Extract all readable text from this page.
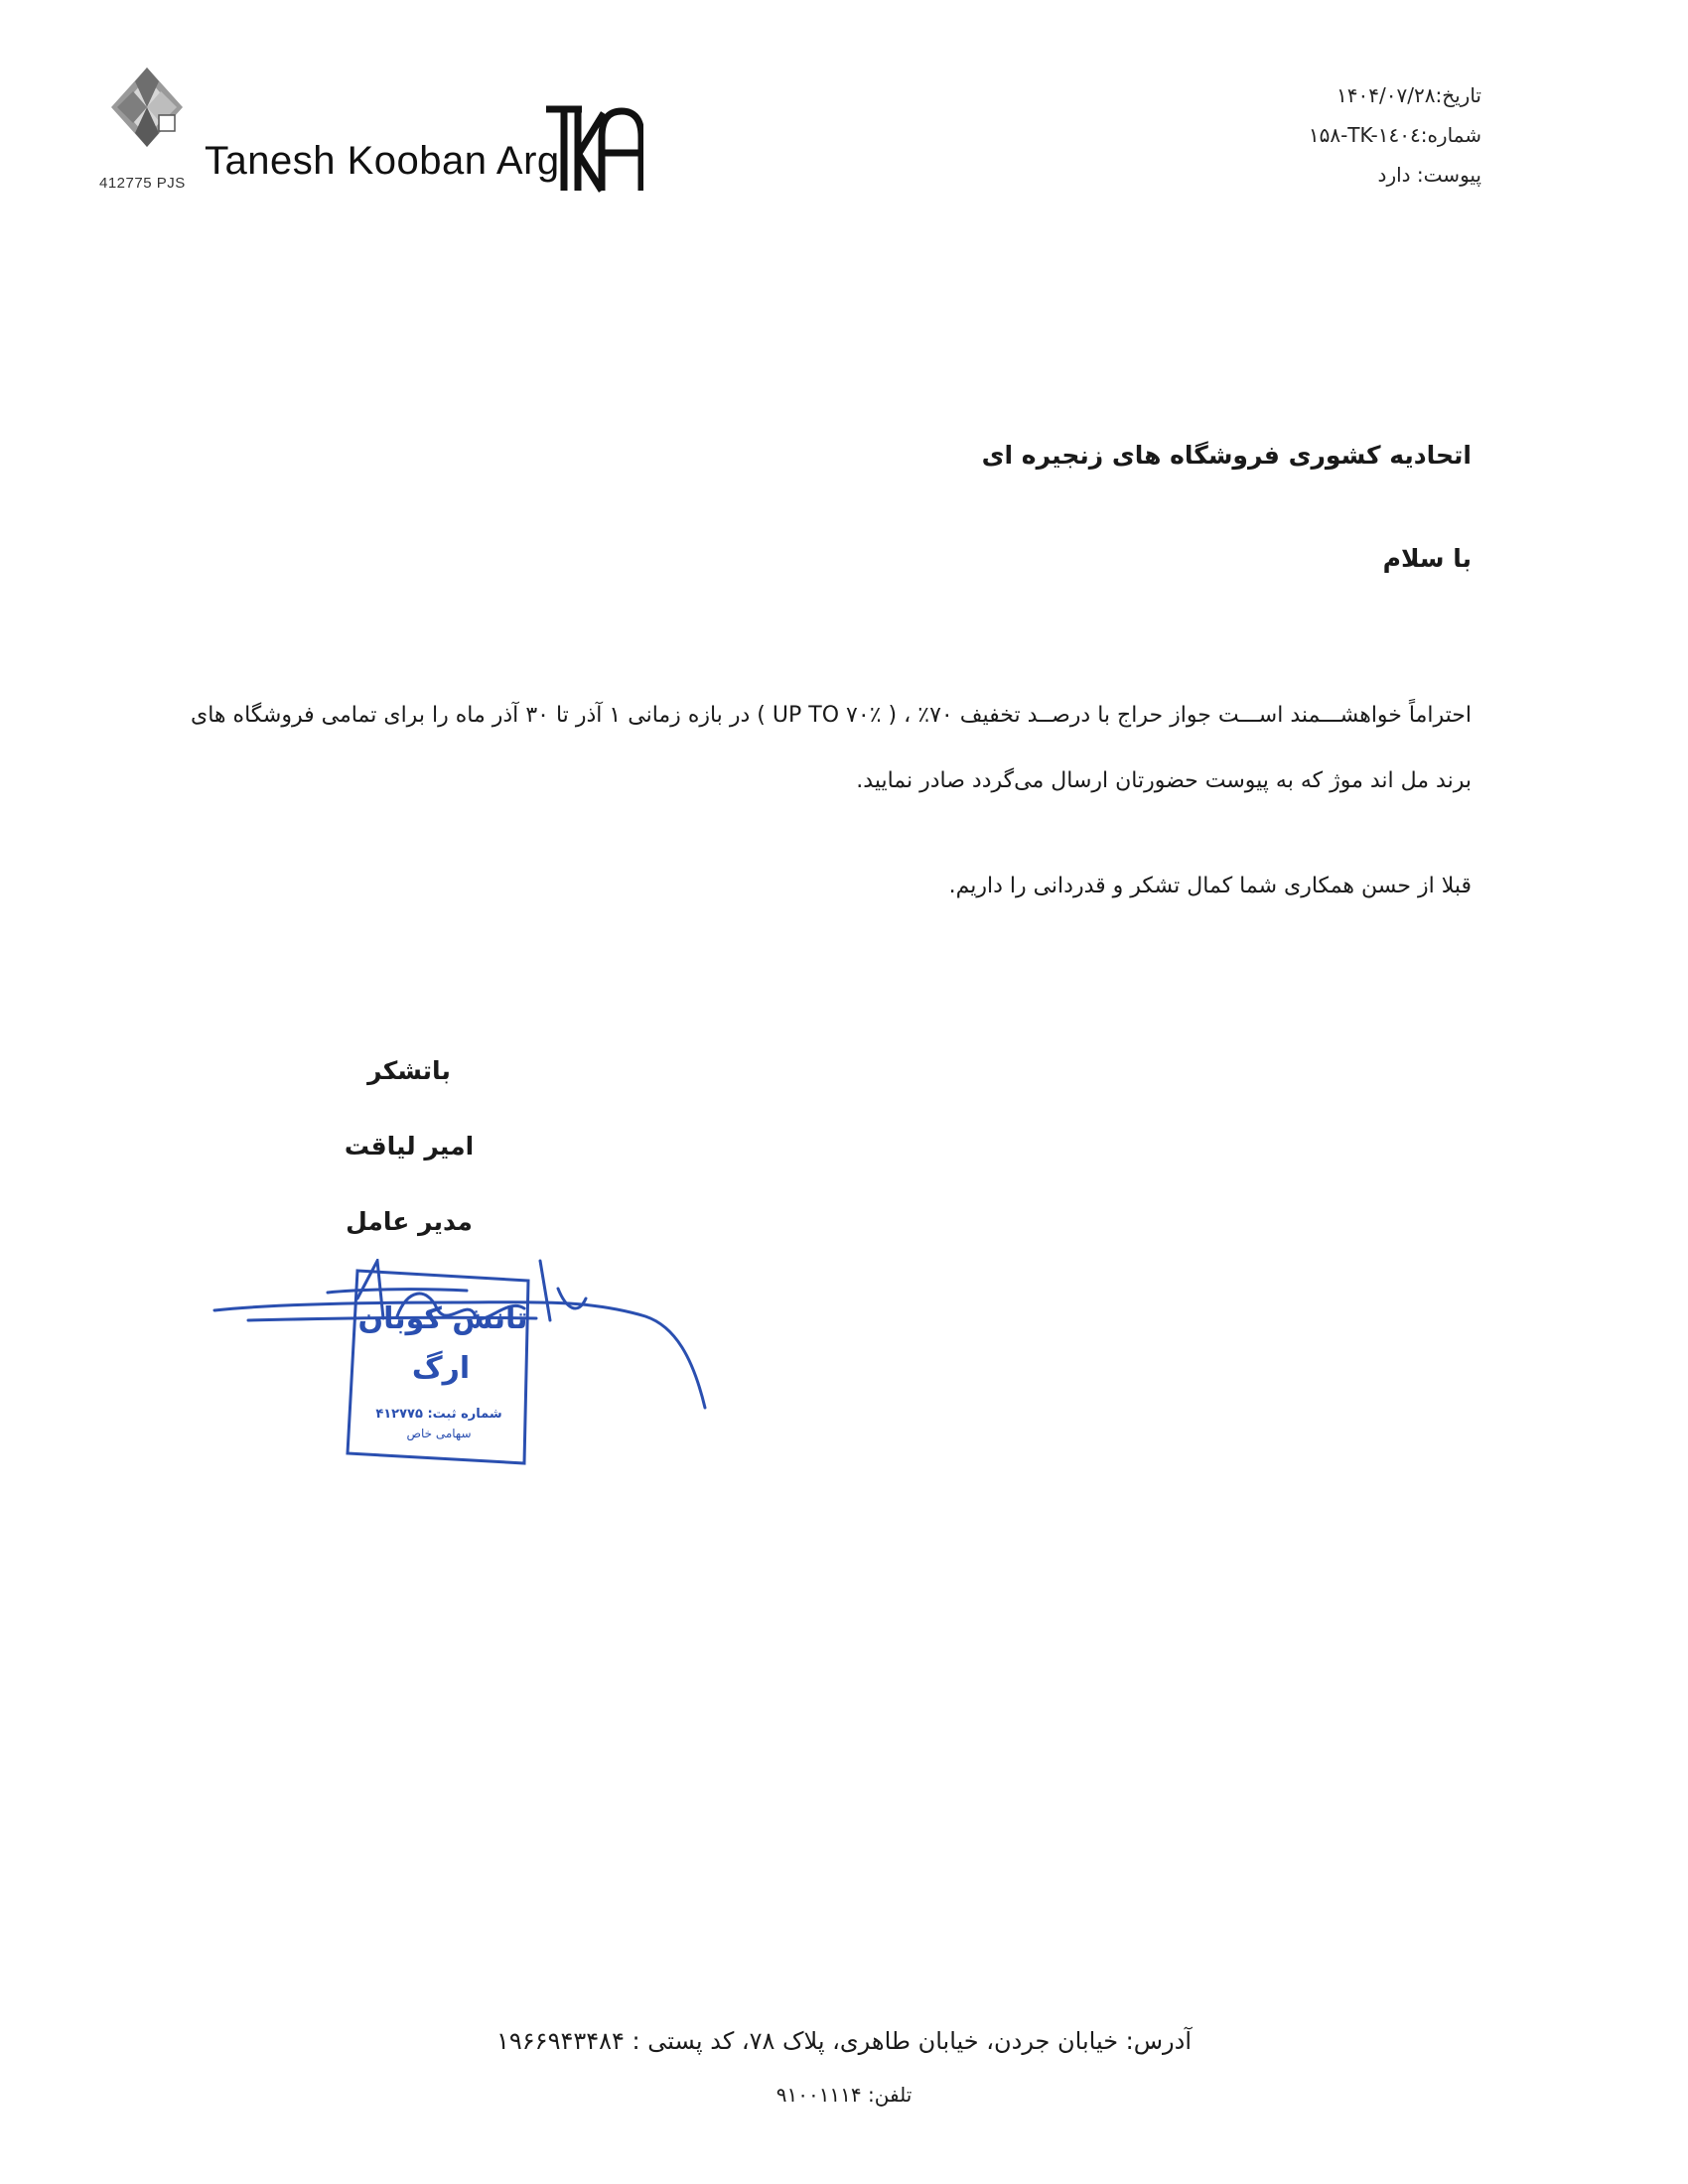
412775 PJS
Tanesh Kooban Arg
تاریخ:۱۴۰۴/۰۷/۲۸
شماره:TK-۱٤۰٤-۱۵۸
پیوست: دارد
اتحادیه کشوری فروشگاه های زنجیره ای
با سلام
احتراماً خواهشـــمند اســـت جواز حراج با درصــد تخفیف ۷۰٪ ، ( UP TO ۷۰٪ ) در بازه زمانی ۱ آذر تا ۳۰ آذر ماه را برای تمامی فروشگاه های برند مل اند موژ که به پیوست حضورتان ارسال می‌گردد صادر نمایید.
قبلا از حسن همکاری شما کمال تشکر و قدردانی را داریم.
باتشکر
امیر لیاقت
مدیر عامل
تانش کوبان
ارگ
شماره ثبت: ۴۱۲۷۷۵
سهامی خاص
آدرس: خیابان جردن، خیابان طاهری، پلاک ۷۸، کد پستی : ۱۹۶۶۹۴۳۴۸۴
تلفن: ۹۱۰۰۱۱۱۴
